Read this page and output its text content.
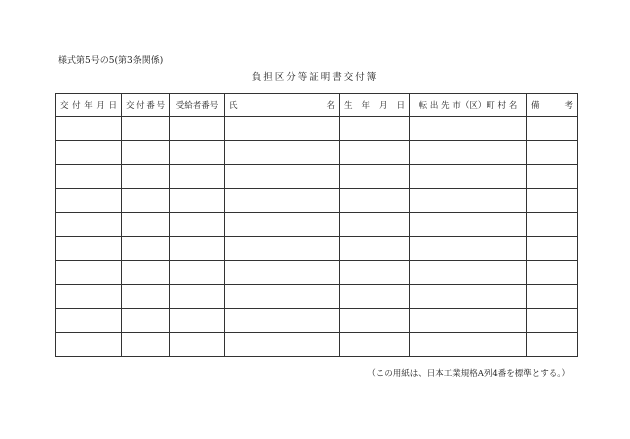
様式第5号の5(第3条関係)
負担区分等証明書交付簿
交 付 年 月 日	交 付 番 号	受給者番号	氏 名	生 年 月 日	転 出 先 市（区）町 村 名	備 考

（この用紙は、日本工業規格A列4番を標準とする。）
